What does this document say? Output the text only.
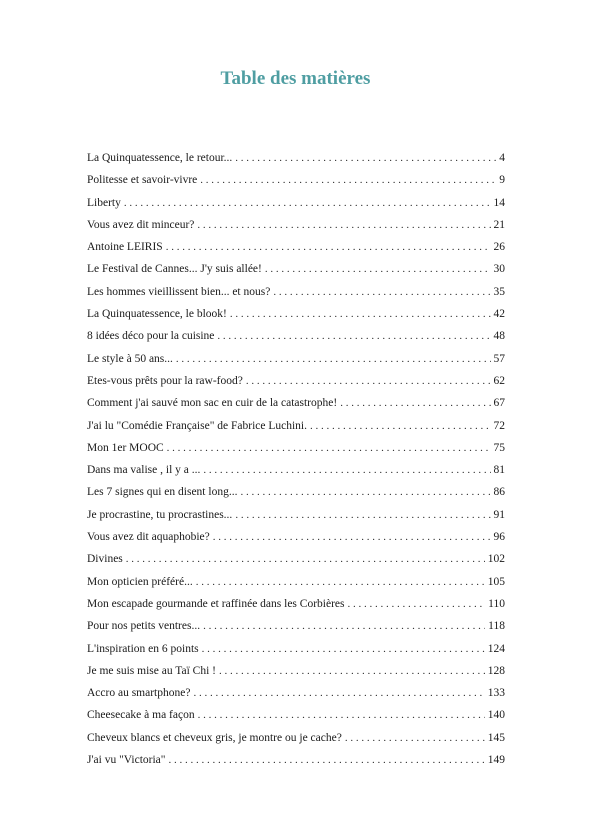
Table des matières
La Quinquatessence, le retour... . . .	4
Politesse et savoir-vivre . . .	9
Liberty . . .	14
Vous avez dit minceur? . . .	21
Antoine LEIRIS . . .	26
Le Festival de Cannes... J'y suis allée! . . .	30
Les hommes vieillissent bien... et nous? . . .	35
La Quinquatessence, le blook! . . .	42
8 idées déco pour la cuisine . . .	48
Le style à 50 ans... . . .	57
Etes-vous prêts pour la raw-food? . . .	62
Comment j'ai sauvé mon sac en cuir de la catastrophe! . . .	67
J'ai lu "Comédie Française" de Fabrice Luchini. . . .	72
Mon 1er MOOC . . .	75
Dans ma valise , il y a ... . . .	81
Les 7 signes qui en disent long... . . .	86
Je procrastine, tu procrastines... . . .	91
Vous avez dit aquaphobie? . . .	96
Divines . . .	102
Mon opticien préféré... . . .	105
Mon escapade gourmande et raffinée dans les Corbières . . .	110
Pour nos petits ventres... . . .	118
L'inspiration en 6 points . . .	124
Je me suis mise au Taï Chi ! . . .	128
Accro au smartphone? . . .	133
Cheesecake à ma façon . . .	140
Cheveux blancs et cheveux gris, je montre ou je cache? . . .	145
J'ai vu "Victoria" . . .	149
